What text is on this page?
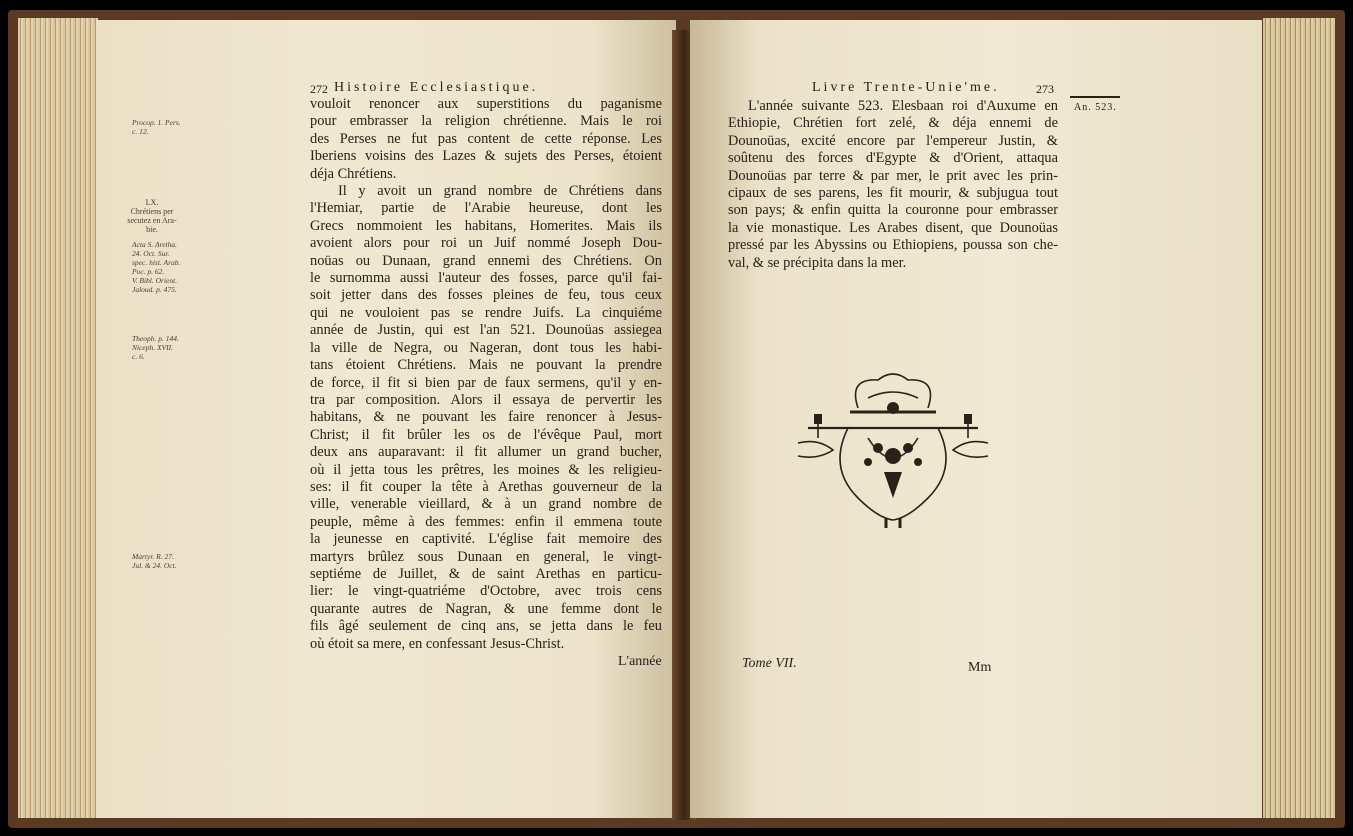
272 Histoire Ecclesiastique.
Procop. 1. Pers.
c. 12.
LX.
Chrétiens per
secutez en Ara-
bie.
Acta S. Aretha.
24. Oct. Sur.
spec. hist. Arab.
Poc. p. 62.
V. Bibl. Orient.
Jaloud. p. 475.
Theoph. p. 144.
Niceph. XVII.
c. 6.
Martyr. R. 27.
Jul. & 24. Oct.
vouloit renoncer aux superstitions du paganisme
pour embrasser la religion chrétienne. Mais le roi
des Perses ne fut pas content de cette réponse. Les
Iberiens voisins des Lazes & sujets des Perses, étoient
déja Chrétiens.
Il y avoit un grand nombre de Chrétiens dans
l'Hemiar, partie de l'Arabie heureuse, dont les
Grecs nommoient les habitans, Homerites. Mais ils
avoient alors pour roi un Juif nommé Joseph Dou-
noüas ou Dunaan, grand ennemi des Chrétiens. On
le surnomma aussi l'auteur des fosses, parce qu'il fai-
soit jetter dans des fosses pleines de feu, tous ceux
qui ne vouloient pas se rendre Juifs. La cinquiéme
année de Justin, qui est l'an 521. Dounoüas assiegea
la ville de Negra, ou Nageran, dont tous les habi-
tans étoient Chrétiens. Mais ne pouvant la prendre
de force, il fit si bien par de faux sermens, qu'il y en-
tra par composition. Alors il essaya de pervertir les
habitans, & ne pouvant les faire renoncer à Jesus-
Christ; il fit brûler les os de l'évêque Paul, mort
deux ans auparavant: il fit allumer un grand bucher,
où il jetta tous les prêtres, les moines & les religieu-
ses: il fit couper la tête à Arethas gouverneur de la
ville, venerable vieillard, & à un grand nombre de
peuple, même à des femmes: enfin il emmena toute
la jeunesse en captivité. L'église fait memoire des
martyrs brûlez sous Dunaan en general, le vingt-
septiéme de Juillet, & de saint Arethas en particu-
lier: le vingt-quatriéme d'Octobre, avec trois cens
quarante autres de Nagran, & une femme dont le
fils âgé seulement de cinq ans, se jetta dans le feu
où étoit sa mere, en confessant Jesus-Christ.
L'année
Livre Trente-Unie'me.	273
An. 523.
L'année suivante 523. Elesbaan roi d'Auxume en
Ethiopie, Chrétien fort zelé, & déja ennemi de
Dounoüas, excité encore par l'empereur Justin, &
soûtenu des forces d'Egypte & d'Orient, attaqua
Dounoüas par terre & par mer, le prit avec les prin-
cipaux de ses parens, les fit mourir, & subjugua tout
son pays; & enfin quitta la couronne pour embrasser
la vie monastique. Les Arabes disent, que Dounoüas
pressé par les Abyssins ou Ethiopiens, poussa son che-
val, & se précipita dans la mer.
Tome VII.	Mm
